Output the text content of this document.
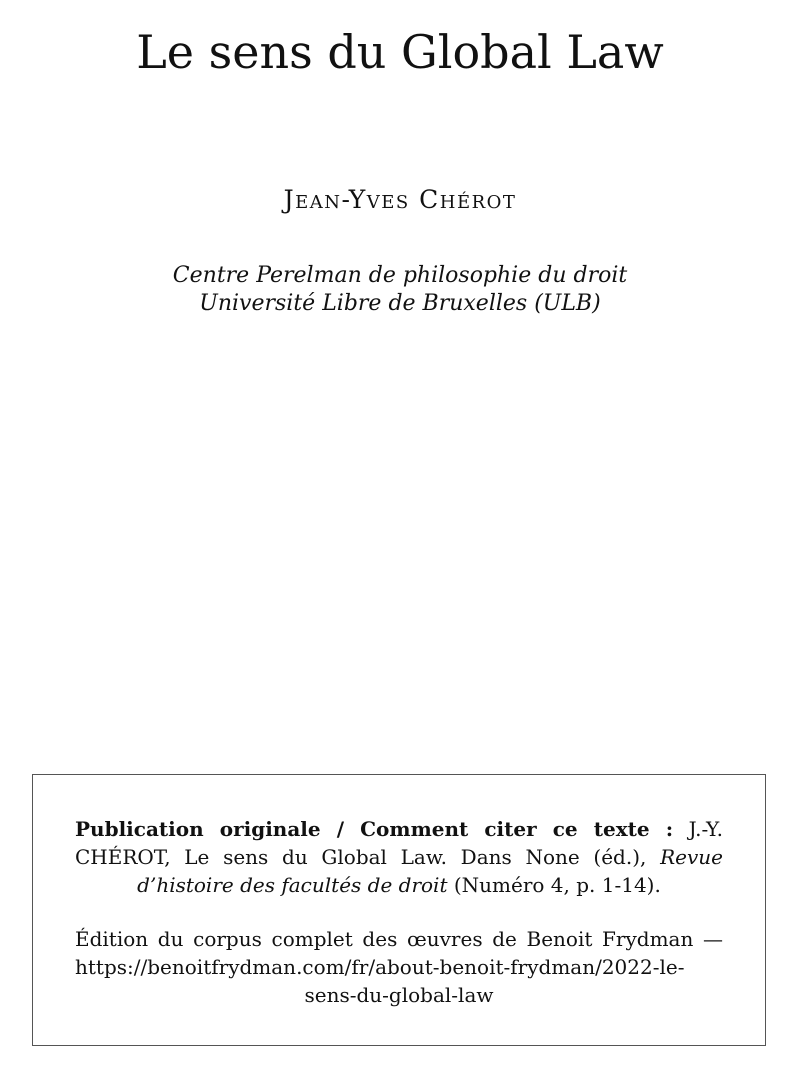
Le sens du Global Law
Jean-Yves Chérot
Centre Perelman de philosophie du droit
Université Libre de Bruxelles (ULB)

Publication originale / Comment citer ce texte : J.-Y. CHÉROT, Le sens du Global Law. Dans None (éd.), Revue d’histoire des facultés de droit (Numéro 4, p. 1-14).

Édition du corpus complet des œuvres de Benoit Frydman — https:/​/​benoitfrydman.com/​fr/​about-​benoit-​frydman/​2022-​le-​sens-​du-​global-​law
